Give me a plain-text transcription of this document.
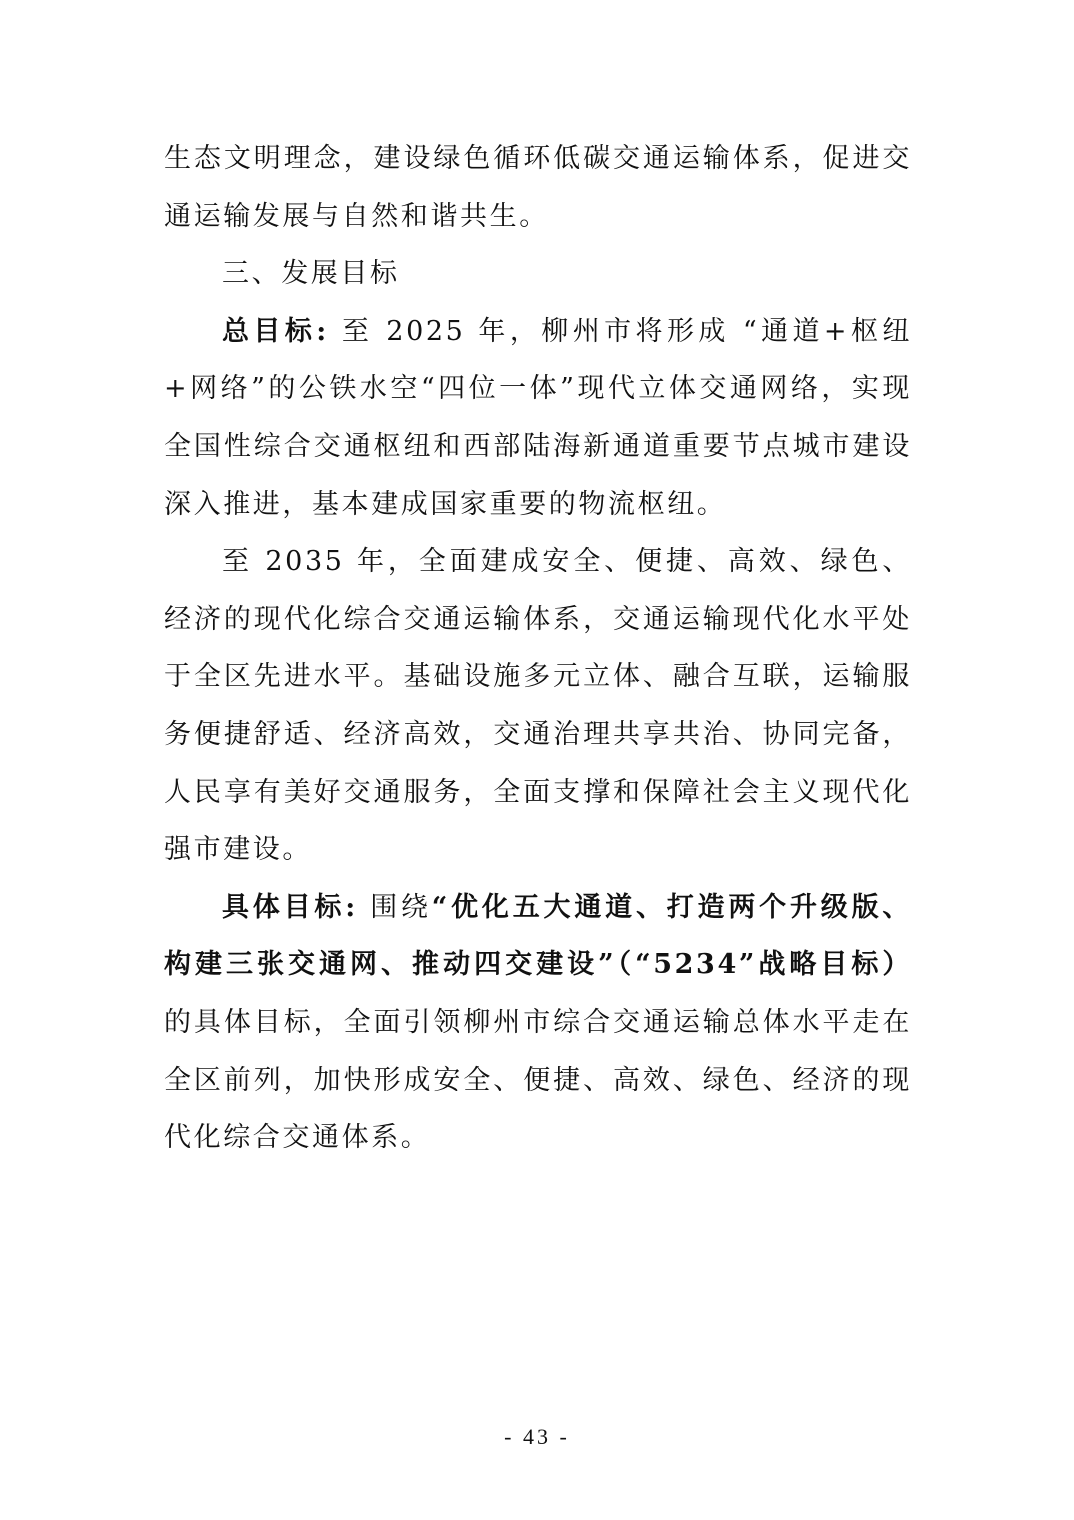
生态文明理念，建设绿色循环低碳交通运输体系，促进交通运输发展与自然和谐共生。

三、发展目标

总目标: 至 2025 年，柳州市将形成 “通道+枢纽+网络”的公铁水空“四位一体”现代立体交通网络，实现全国性综合交通枢纽和西部陆海新通道重要节点城市建设深入推进，基本建成国家重要的物流枢纽。

至 2035 年，全面建成安全、便捷、高效、绿色、经济的现代化综合交通运输体系，交通运输现代化水平处于全区先进水平。基础设施多元立体、融合互联，运输服务便捷舒适、经济高效，交通治理共享共治、协同完备，人民享有美好交通服务，全面支撑和保障社会主义现代化强市建设。

具体目标: 围绕“优化五大通道、打造两个升级版、构建三张交通网、推动四交建设”（“5234”战略目标）的具体目标，全面引领柳州市综合交通运输总体水平走在全区前列，加快形成安全、便捷、高效、绿色、经济的现代化综合交通体系。

- 43 -
